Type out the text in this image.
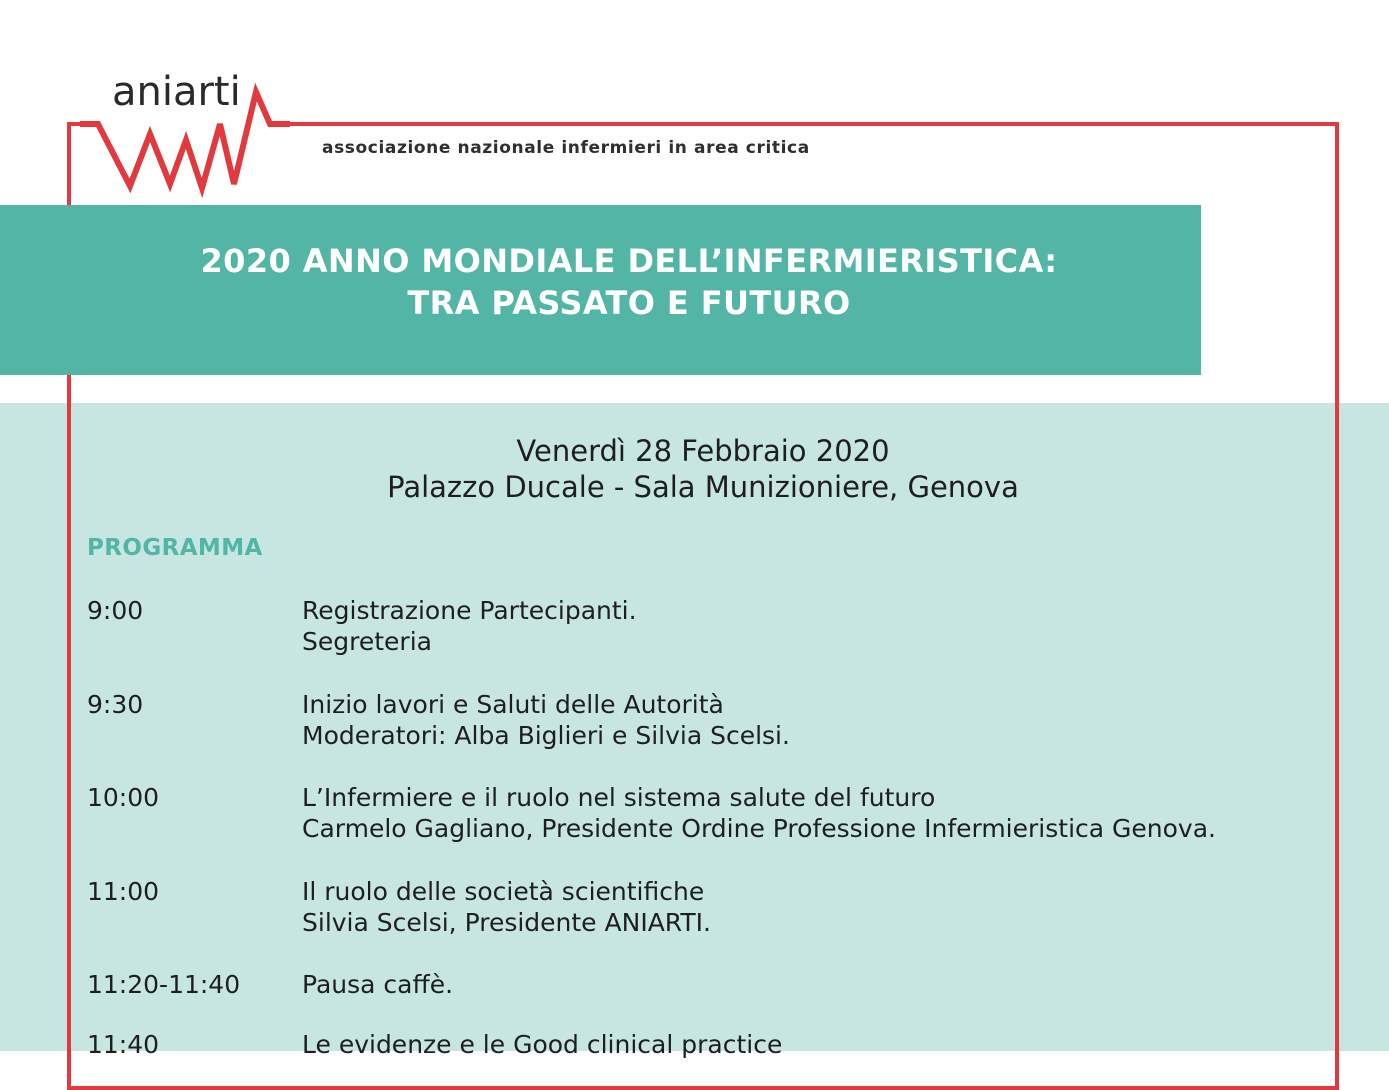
aniarti
associazione nazionale infermieri in area critica
2020 ANNO MONDIALE DELL’INFERMIERISTICA:
TRA PASSATO E FUTURO
Venerdì 28 Febbraio 2020
Palazzo Ducale - Sala Munizioniere, Genova
PROGRAMMA
9:00	Registrazione Partecipanti.
Segreteria
9:30	Inizio lavori e Saluti delle Autorità
Moderatori: Alba Biglieri e Silvia Scelsi.
10:00	L’Infermiere e il ruolo nel sistema salute del futuro
Carmelo Gagliano, Presidente Ordine Professione Infermieristica Genova.
11:00	Il ruolo delle società scientifiche
Silvia Scelsi, Presidente ANIARTI.
11:20-11:40 Pausa caffè.
11:40	Le evidenze e le Good clinical practice
